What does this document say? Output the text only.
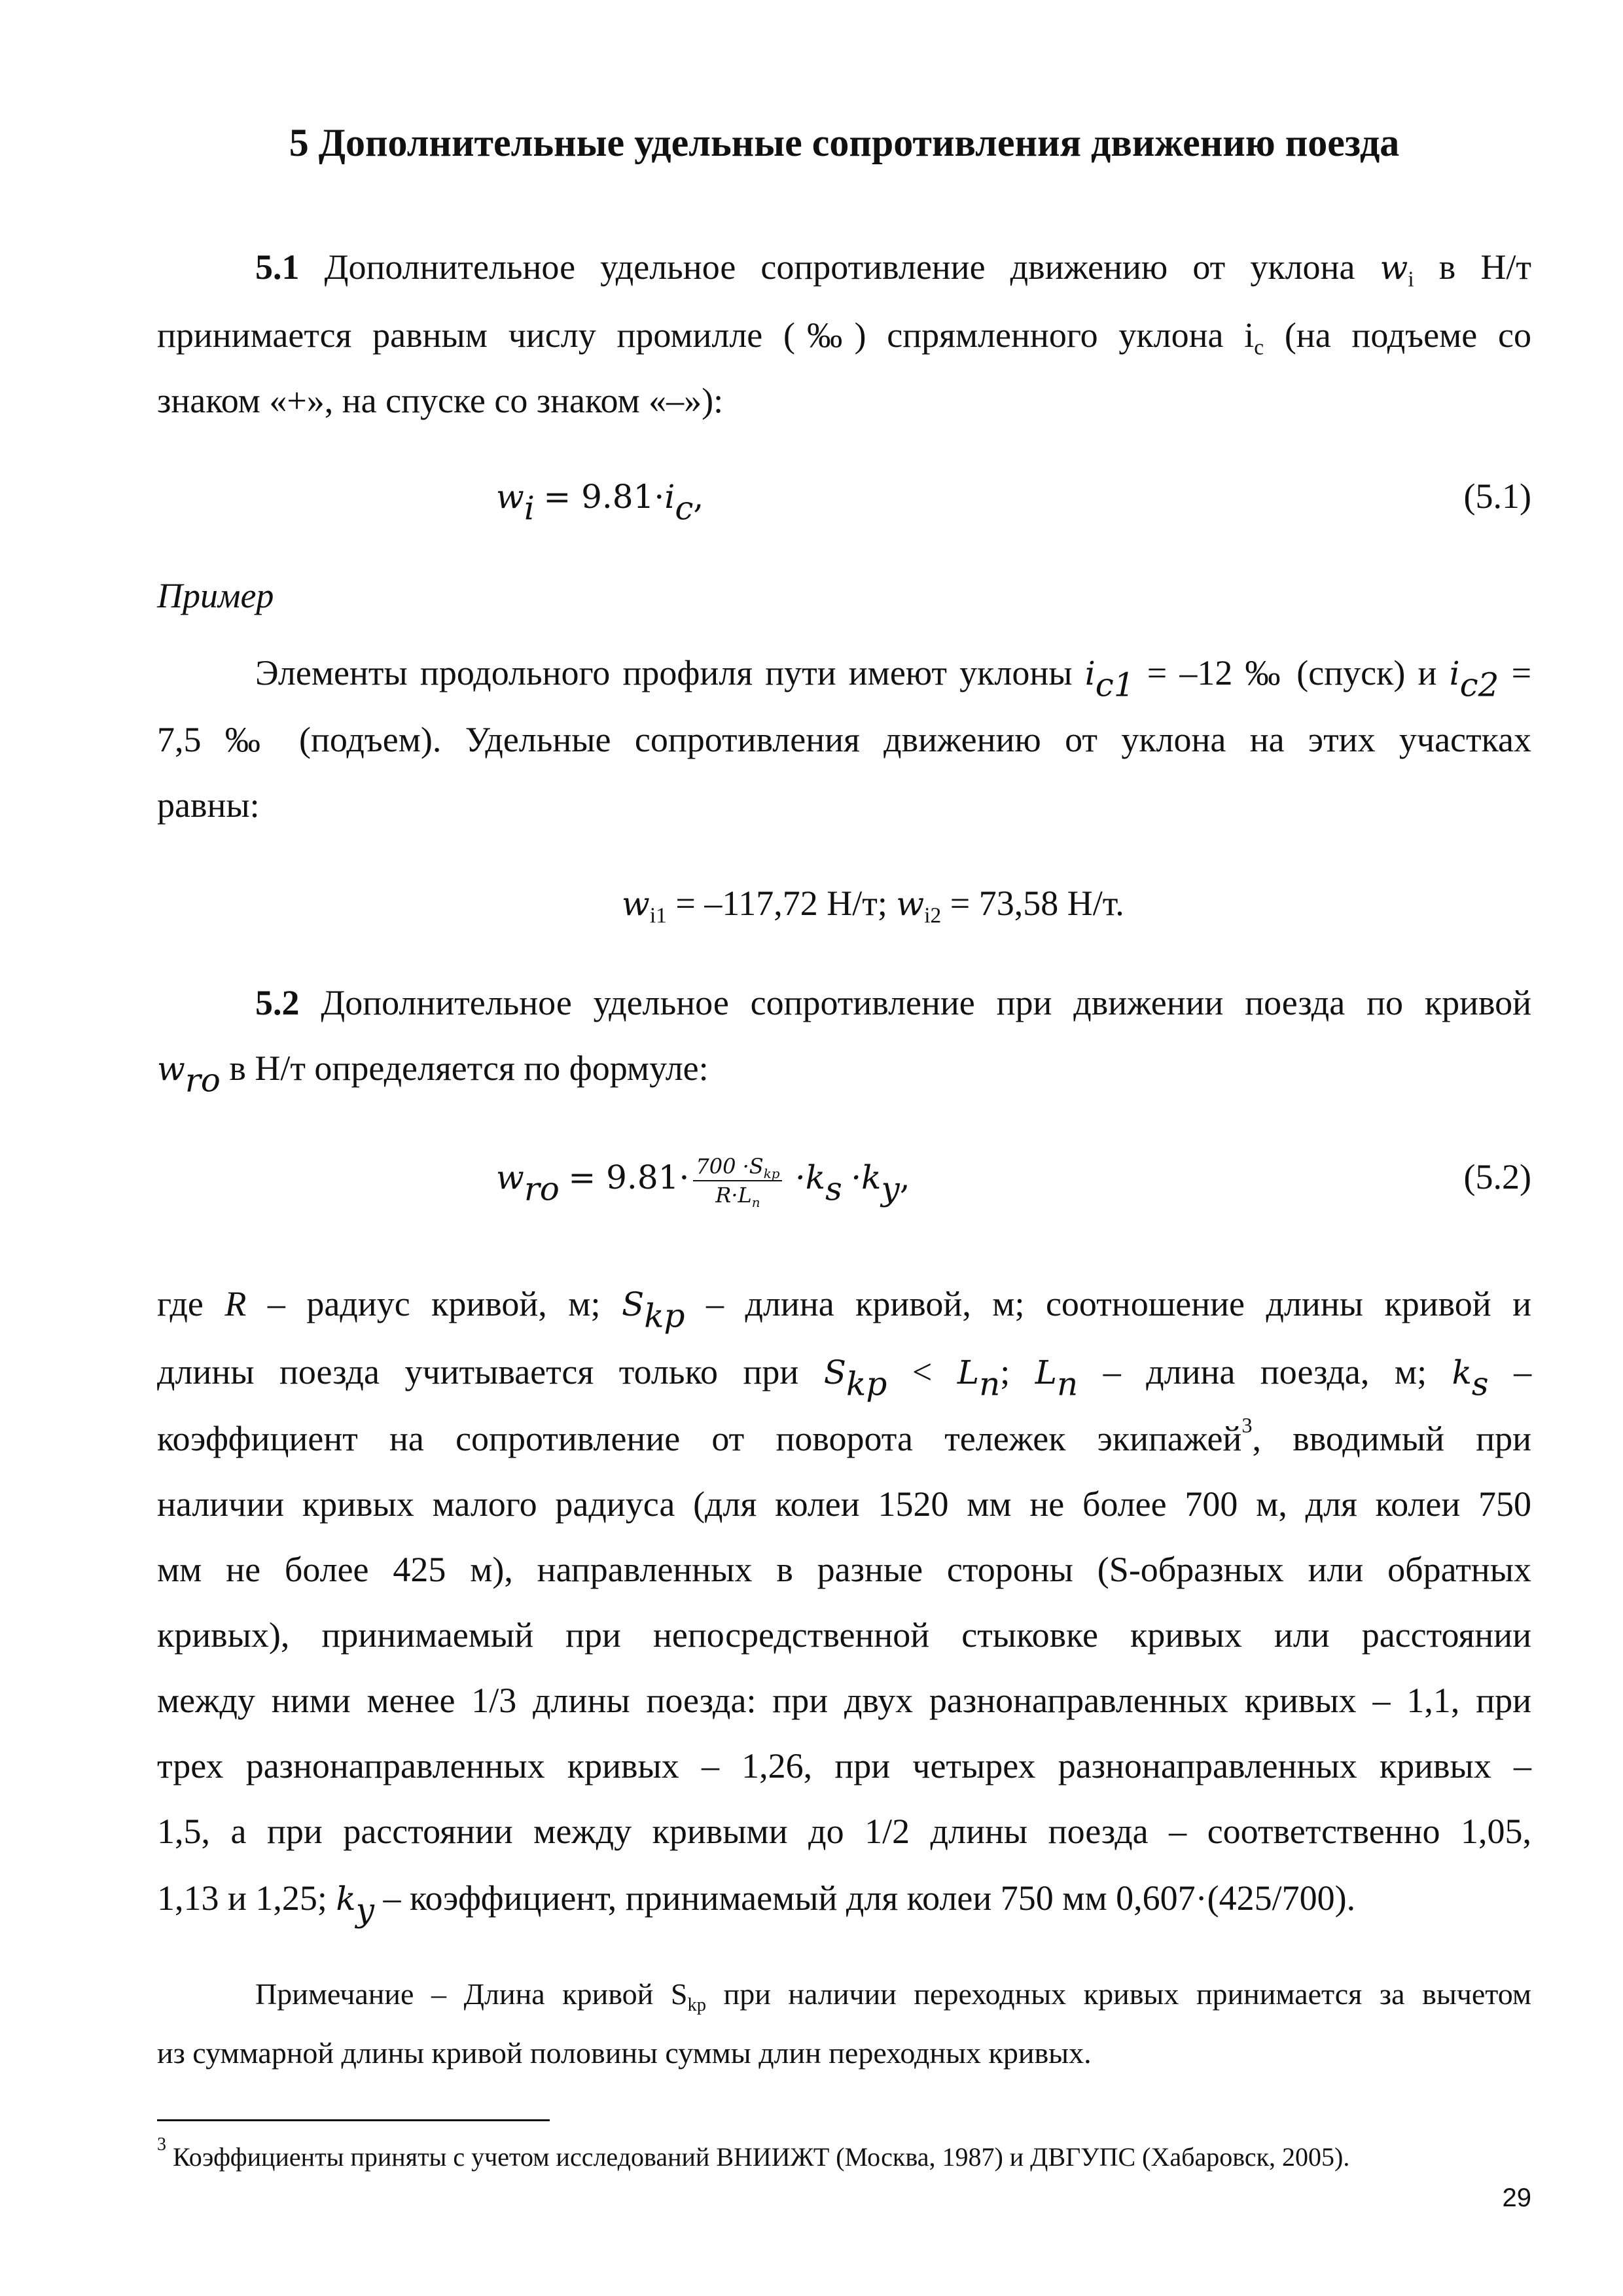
5 Дополнительные удельные сопротивления движению поезда
5.1 Дополнительное удельное сопротивление движению от уклона $w_i$ в Н/т
принимается равным числу промилле (‰) спрямленного уклона $i_c$ (на подъеме со
знаком «+», на спуске со знаком «–»):
$w_i = 9.81\cdot i_c$,	(5.1)
Пример
Элементы продольного профиля пути имеют уклоны $i_{c1} = -12$ ‰ (спуск) и $i_{c2}$ =
7,5 ‰ (подъем). Удельные сопротивления движению от уклона на этих участках
равны:
$w_{i1} = -117,72$ Н/т; $w_{i2} = 73,58$ Н/т.
5.2 Дополнительное удельное сопротивление при движении поезда по кривой
$w_{ro}$ в Н/т определяется по формуле:
$w_{ro} = 9.81\cdot \frac{700 \cdot S_{kp}}{R\cdot L_n} \cdot k_s \cdot k_y$,	(5.2)
где R – радиус кривой, м; $S_{kp}$ – длина кривой, м; соотношение длины кривой и
длины поезда учитывается только при $S_{kp} < L_n$; $L_n$ – длина поезда, м; $k_s$ –
коэффициент на сопротивление от поворота тележек экипажей$^3$, вводимый при
наличии кривых малого радиуса (для колеи 1520 мм не более 700 м, для колеи 750
мм не более 425 м), направленных в разные стороны (S-образных или обратных
кривых), принимаемый при непосредственной стыковке кривых или расстоянии
между ними менее 1/3 длины поезда: при двух разнонаправленных кривых – 1,1, при
трех разнонаправленных кривых – 1,26, при четырех разнонаправленных кривых –
1,5, а при расстоянии между кривыми до 1/2 длины поезда – соответственно 1,05,
1,13 и 1,25; $k_y$ – коэффициент, принимаемый для колеи 750 мм 0,607·(425/700).
Примечание – Длина кривой $S_{kp}$ при наличии переходных кривых принимается за вычетом
из суммарной длины кривой половины суммы длин переходных кривых.
$^3$ Коэффициенты приняты с учетом исследований ВНИИЖТ (Москва, 1987) и ДВГУПС (Хабаровск, 2005).
29
